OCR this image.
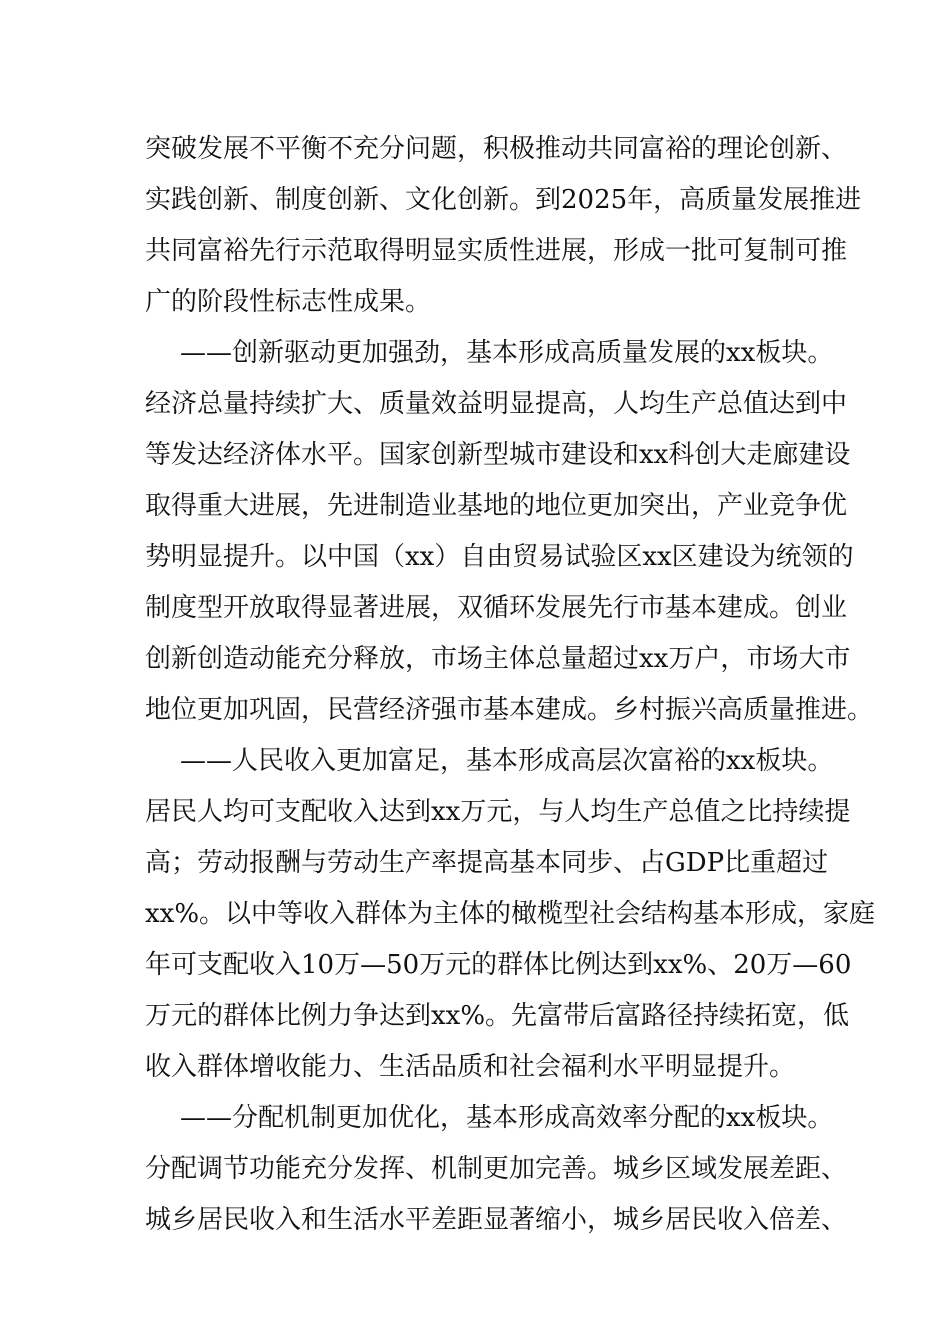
突破发展不平衡不充分问题，积极推动共同富裕的理论创新、
实践创新、制度创新、文化创新。到2025年，高质量发展推进
共同富裕先行示范取得明显实质性进展，形成一批可复制可推
广的阶段性标志性成果。
——创新驱动更加强劲，基本形成高质量发展的xx板块。
经济总量持续扩大、质量效益明显提高，人均生产总值达到中
等发达经济体水平。国家创新型城市建设和xx科创大走廊建设
取得重大进展，先进制造业基地的地位更加突出，产业竞争优
势明显提升。以中国（xx）自由贸易试验区xx区建设为统领的
制度型开放取得显著进展，双循环发展先行市基本建成。创业
创新创造动能充分释放，市场主体总量超过xx万户，市场大市
地位更加巩固，民营经济强市基本建成。乡村振兴高质量推进。
——人民收入更加富足，基本形成高层次富裕的xx板块。
居民人均可支配收入达到xx万元，与人均生产总值之比持续提
高；劳动报酬与劳动生产率提高基本同步、占GDP比重超过
xx%。以中等收入群体为主体的橄榄型社会结构基本形成，家庭
年可支配收入10万—50万元的群体比例达到xx%、20万—60
万元的群体比例力争达到xx%。先富带后富路径持续拓宽，低
收入群体增收能力、生活品质和社会福利水平明显提升。
——分配机制更加优化，基本形成高效率分配的xx板块。
分配调节功能充分发挥、机制更加完善。城乡区域发展差距、
城乡居民收入和生活水平差距显著缩小，城乡居民收入倍差、
